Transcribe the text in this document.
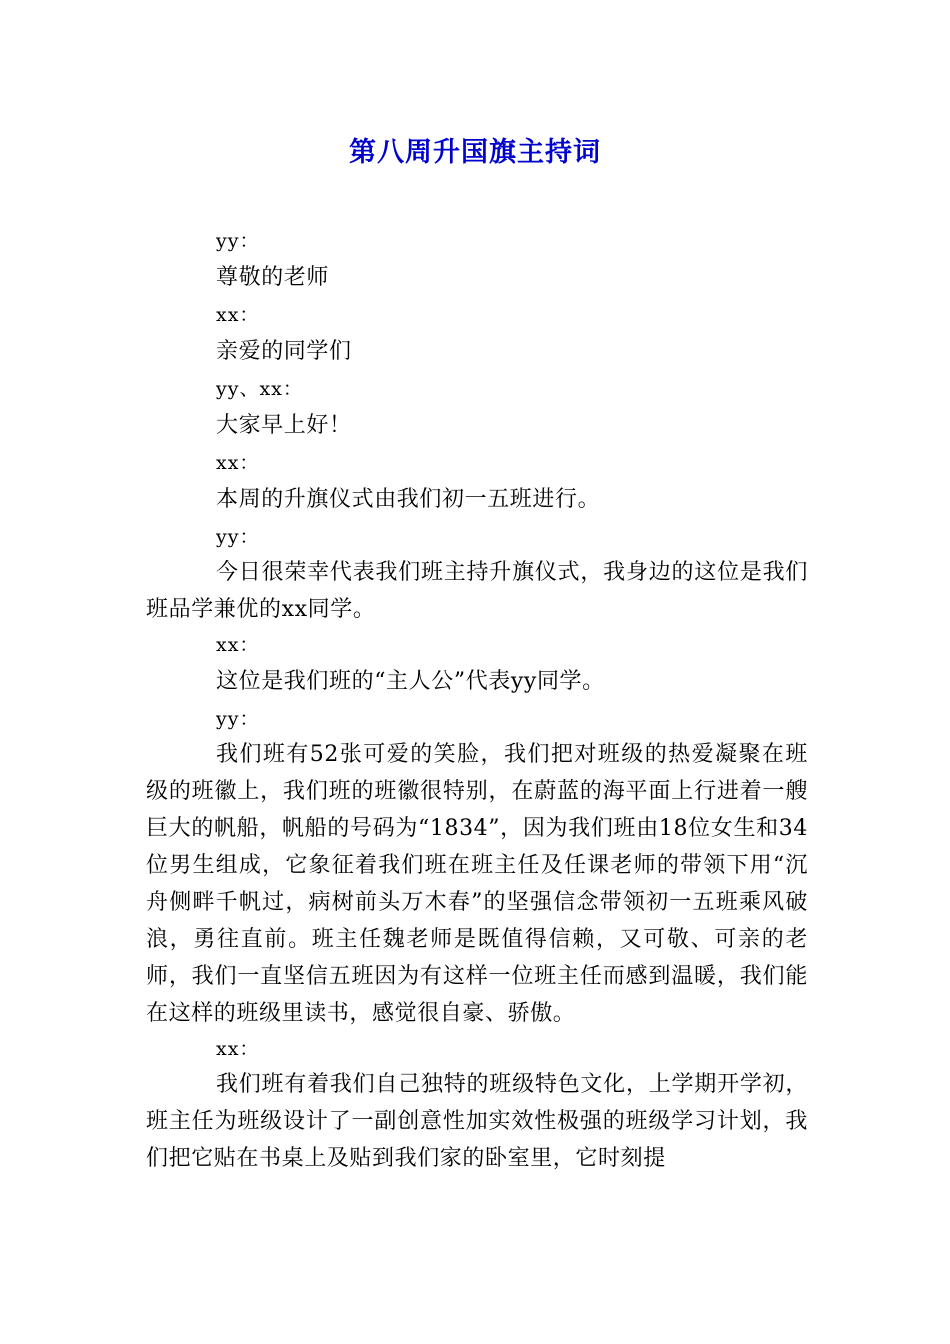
第八周升国旗主持词

yy：

尊敬的老师

xx：

亲爱的同学们

yy、xx：

大家早上好！

xx：

本周的升旗仪式由我们初一五班进行。

yy：

今日很荣幸代表我们班主持升旗仪式，我身边的这位是我们班品学兼优的xx同学。

xx：

这位是我们班的“主人公”代表yy同学。

yy：

我们班有52张可爱的笑脸，我们把对班级的热爱凝聚在班级的班徽上，我们班的班徽很特别，在蔚蓝的海平面上行进着一艘巨大的帆船，帆船的号码为“1834”，因为我们班由18位女生和34位男生组成，它象征着我们班在班主任及任课老师的带领下用“沉舟侧畔千帆过，病树前头万木春”的坚强信念带领初一五班乘风破浪，勇往直前。班主任魏老师是既值得信赖，又可敬、可亲的老师，我们一直坚信五班因为有这样一位班主任而感到温暖，我们能在这样的班级里读书，感觉很自豪、骄傲。

xx：

我们班有着我们自己独特的班级特色文化，上学期开学初，班主任为班级设计了一副创意性加实效性极强的班级学习计划，我们把它贴在书桌上及贴到我们家的卧室里，它时刻提
